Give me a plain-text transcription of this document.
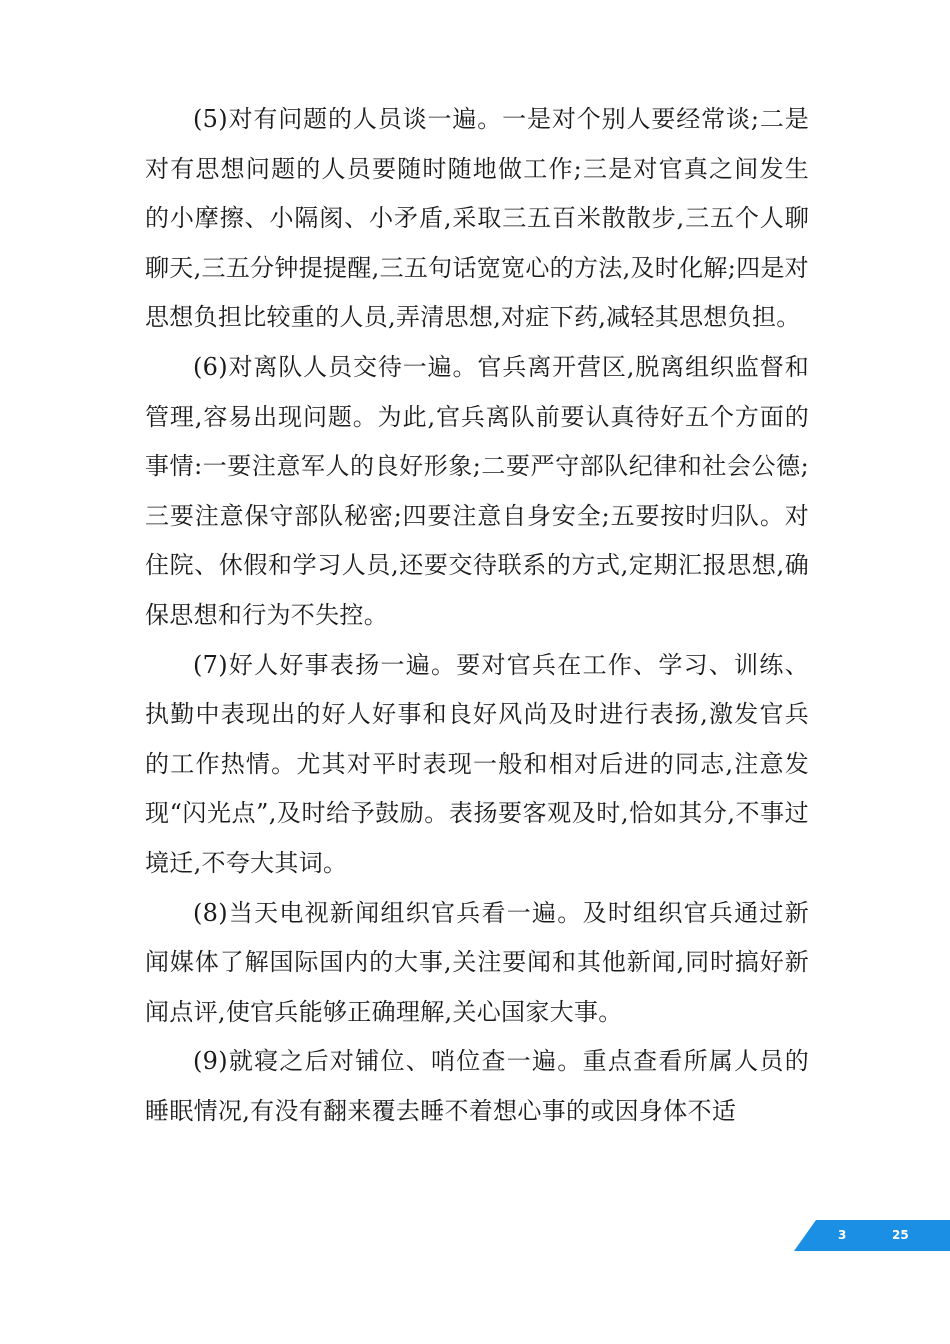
(5)对有问题的人员谈一遍。一是对个别人要经常谈;二是对有思想问题的人员要随时随地做工作;三是对官真之间发生的小摩擦、小隔阂、小矛盾,采取三五百米散散步,三五个人聊聊天,三五分钟提提醒,三五句话宽宽心的方法,及时化解;四是对思想负担比较重的人员,弄清思想,对症下药,减轻其思想负担。

(6)对离队人员交待一遍。官兵离开营区,脱离组织监督和管理,容易出现问题。为此,官兵离队前要认真待好五个方面的事情:一要注意军人的良好形象;二要严守部队纪律和社会公德;三要注意保守部队秘密;四要注意自身安全;五要按时归队。对住院、休假和学习人员,还要交待联系的方式,定期汇报思想,确保思想和行为不失控。

(7)好人好事表扬一遍。要对官兵在工作、学习、训练、执勤中表现出的好人好事和良好风尚及时进行表扬,激发官兵的工作热情。尤其对平时表现一般和相对后进的同志,注意发现“闪光点”,及时给予鼓励。表扬要客观及时,恰如其分,不事过境迁,不夸大其词。

(8)当天电视新闻组织官兵看一遍。及时组织官兵通过新闻媒体了解国际国内的大事,关注要闻和其他新闻,同时搞好新闻点评,使官兵能够正确理解,关心国家大事。

(9)就寝之后对铺位、哨位查一遍。重点查看所属人员的睡眠情况,有没有翻来覆去睡不着想心事的或因身体不适

3	25
